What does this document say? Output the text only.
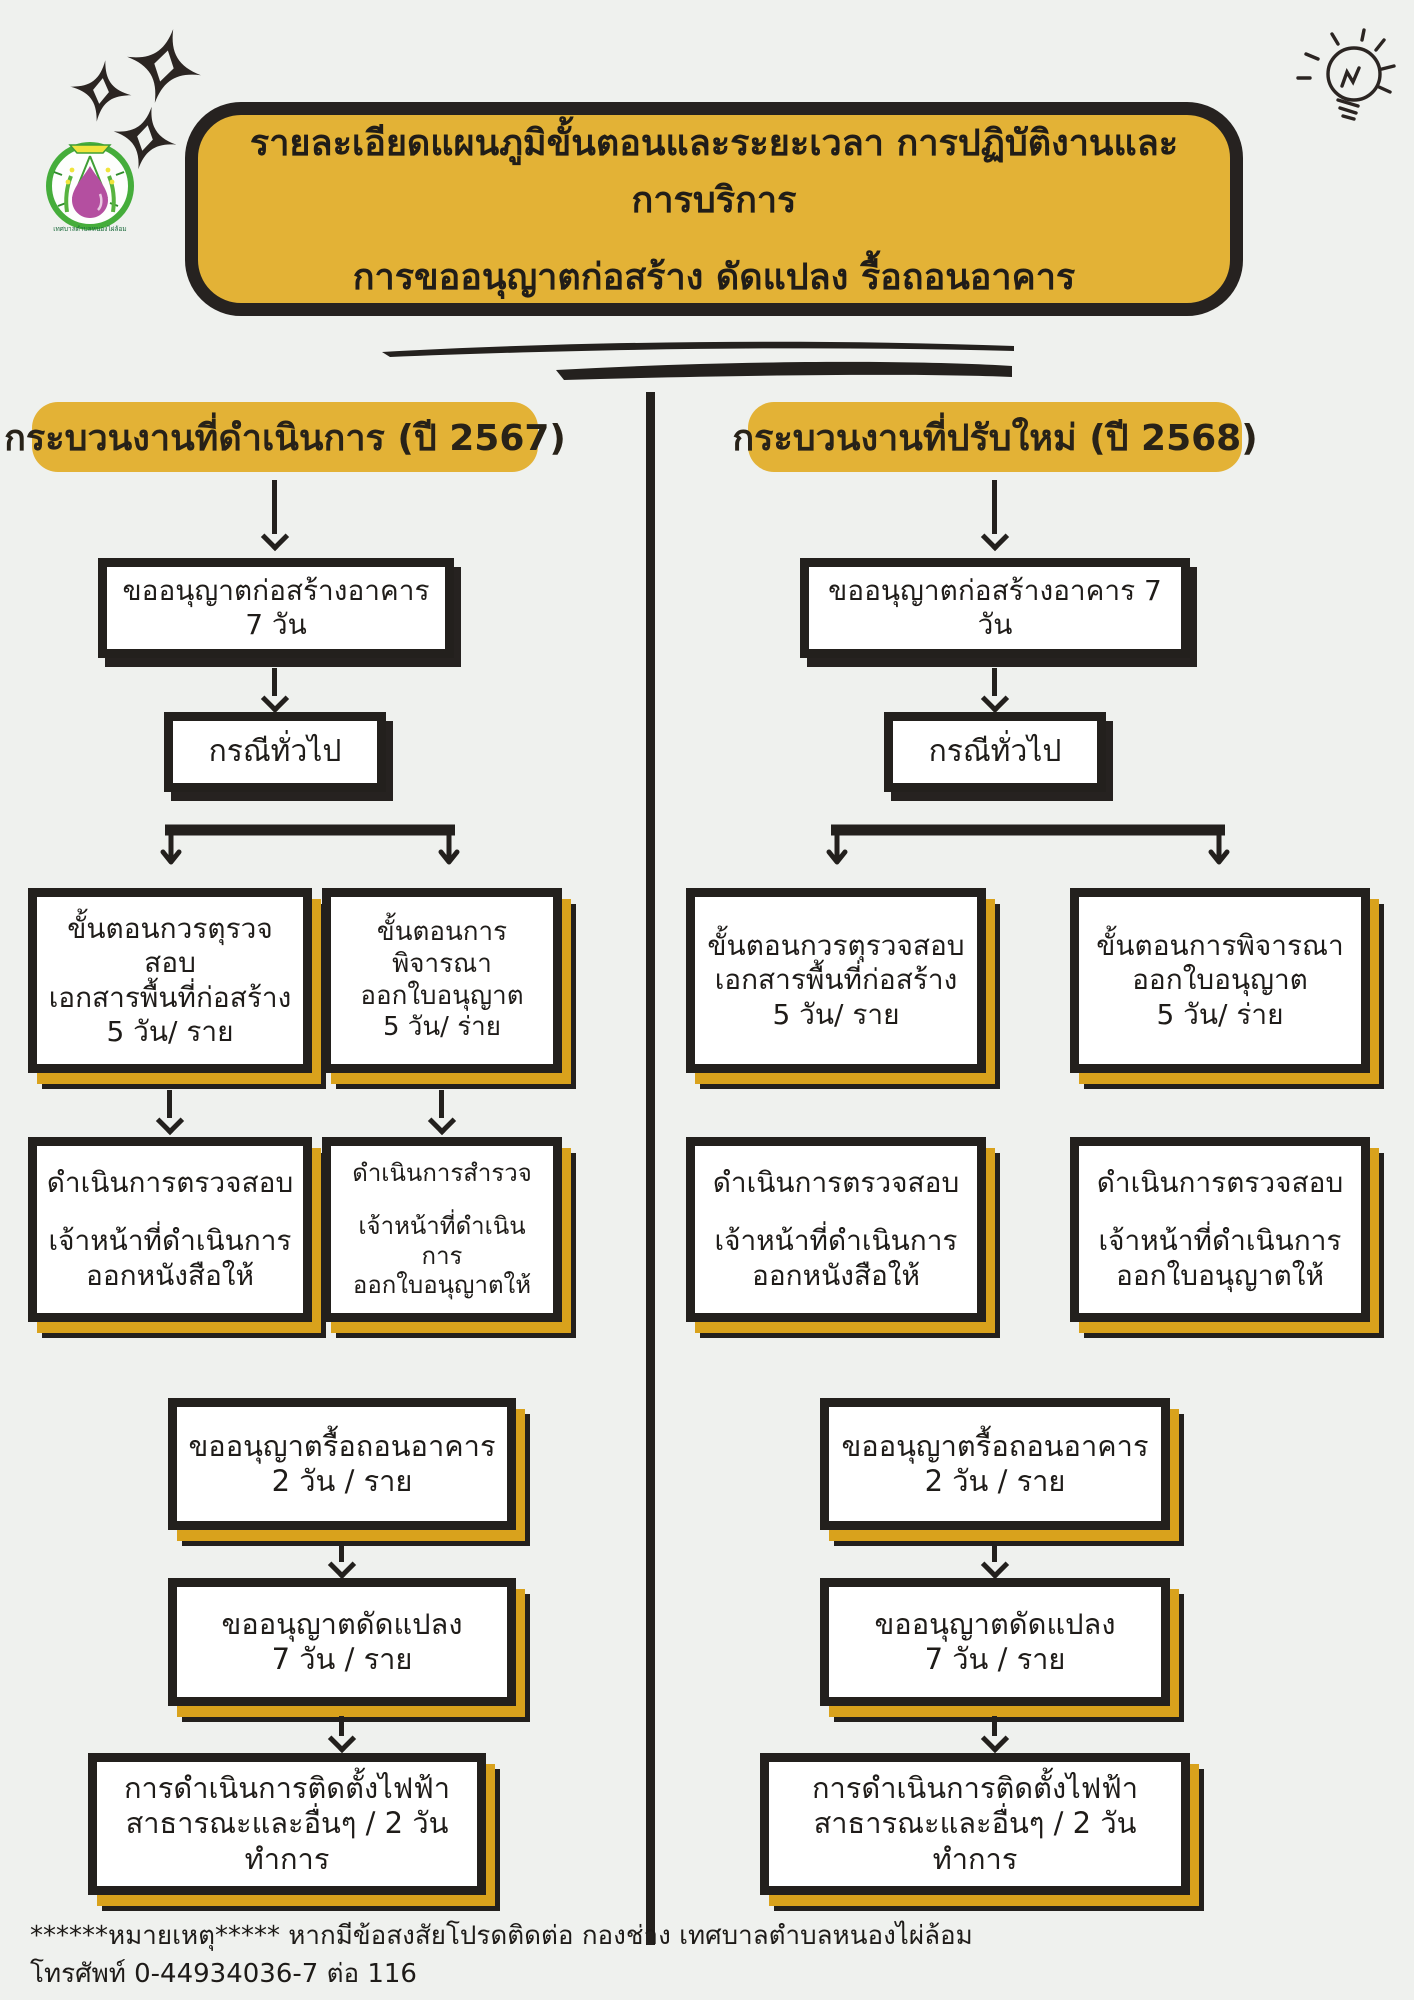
เทศบาลตำบลหนองไผ่ล้อม
รายละเอียดแผนภูมิขั้นตอนและระยะเวลา การปฏิบัติงานและการบริการ
การขออนุญาตก่อสร้าง ดัดแปลง รื้อถอนอาคาร
กระบวนงานที่ดำเนินการ (ปี 2567)	กระบวนงานที่ปรับใหม่ (ปี 2568)
ขออนุญาตก่อสร้างอาคาร 7 วัน
กรณีทั่วไป
ขั้นตอนกวรตุรวจสอบ
เอกสารพื้นที่ก่อสร้าง
5 วัน/ ราย
ขั้นตอนการพิจารณา
ออกใบอนุญาต
5 วัน/ ร่าย
ดำเนินการตรวจสอบ
เจ้าหน้าที่ดำเนินการ
ออกหนังสือให้
ดำเนินการสำรวจ
เจ้าหน้าที่ดำเนินการ
ออกใบอนุญาตให้
ขออนุญาตรื้อถอนอาคาร
2 วัน / ราย
ขออนุญาตดัดแปลง
7 วัน / ราย
การดำเนินการติดตั้งไฟฟ้า
สาธารณะและอื่นๆ / 2 วันทำการ
ขออนุญาตก่อสร้างอาคาร 7 วัน
กรณีทั่วไป
ขั้นตอนกวรตุรวจสอบ
เอกสารพื้นที่ก่อสร้าง
5 วัน/ ราย
ขั้นตอนการพิจารณา
ออกใบอนุญาต
5 วัน/ ร่าย
ดำเนินการตรวจสอบ
เจ้าหน้าที่ดำเนินการ
ออกหนังสือให้
ดำเนินการตรวจสอบ
เจ้าหน้าที่ดำเนินการ
ออกใบอนุญาตให้
ขออนุญาตรื้อถอนอาคาร
2 วัน / ราย
ขออนุญาตดัดแปลง
7 วัน / ราย
การดำเนินการติดตั้งไฟฟ้า
สาธารณะและอื่นๆ / 2 วันทำการ
******หมายเหตุ***** หากมีข้อสงสัยโปรดติดต่อ กองช่าง เทศบาลตำบลหนองไผ่ล้อม
โทรศัพท์ 0-44934036-7 ต่อ 116
